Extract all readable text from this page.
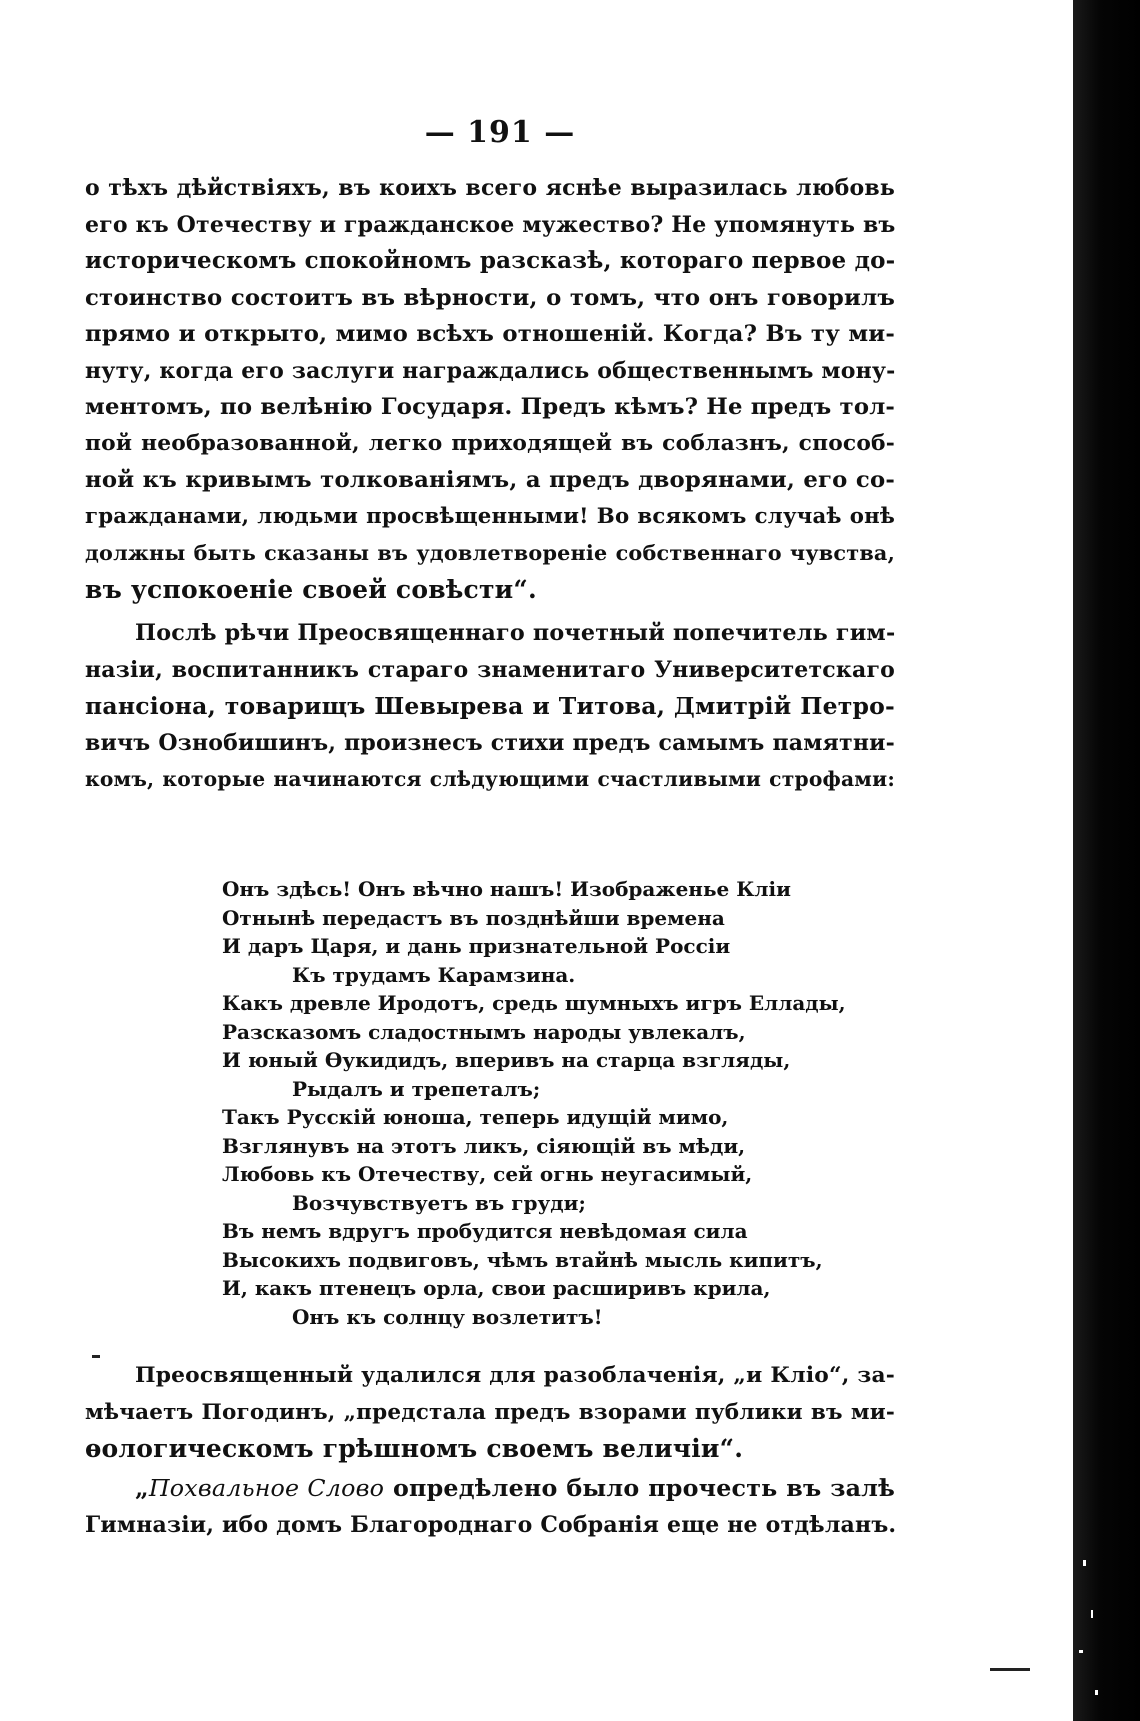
— 191 —
о тѣхъ дѣйствіяхъ, въ коихъ всего яснѣе выразилась любовь
его къ Отечеству и гражданское мужество? Не упомянуть въ
историческомъ спокойномъ разсказѣ, котораго первое до-
стоинство состоитъ въ вѣрности, о томъ, что онъ говорилъ
прямо и открыто, мимо всѣхъ отношеній. Когда? Въ ту ми-
нуту, когда его заслуги награждались общественнымъ мону-
ментомъ, по велѣнію Государя. Предъ кѣмъ? Не предъ тол-
пой необразованной, легко приходящей въ соблазнъ, способ-
ной къ кривымъ толкованіямъ, а предъ дворянами, его со-
гражданами, людьми просвѣщенными! Во всякомъ случаѣ онѣ
должны быть сказаны въ удовлетвореніе собственнаго чувства,
въ успокоеніе своей совѣсти“.
Послѣ рѣчи Преосвященнаго почетный попечитель гим-
назіи, воспитанникъ стараго знаменитаго Университетскаго
пансіона, товарищъ Шевырева и Титова, Дмитрій Петро-
вичъ Ознобишинъ, произнесъ стихи предъ самымъ памятни-
комъ, которые начинаются слѣдующими счастливыми строфами:
Онъ здѣсь! Онъ вѣчно нашъ! Изображенье Кліи
Отнынѣ передастъ въ позднѣйши времена
И даръ Царя, и дань признательной Россіи
Къ трудамъ Карамзина.
Какъ древле Иродотъ, средь шумныхъ игръ Еллады,
Разсказомъ сладостнымъ народы увлекалъ,
И юный Ѳукидидъ, вперивъ на старца взгляды,
Рыдалъ и трепеталъ;
Такъ Русскій юноша, теперь идущій мимо,
Взглянувъ на этотъ ликъ, сіяющій въ мѣди,
Любовь къ Отечеству, сей огнь неугасимый,
Возчувствуетъ въ груди;
Въ немъ вдругъ пробудится невѣдомая сила
Высокихъ подвиговъ, чѣмъ втайнѣ мысль кипитъ,
И, какъ птенецъ орла, свои расширивъ крила,
Онъ къ солнцу возлетитъ!
Преосвященный удалился для разоблаченія, „и Кліо“, за-
мѣчаетъ Погодинъ, „предстала предъ взорами публики въ ми-
ѳологическомъ грѣшномъ своемъ величіи“.
„Похвальное Слово опредѣлено было прочесть въ залѣ
Гимназіи, ибо домъ Благороднаго Собранія еще не отдѣланъ.
